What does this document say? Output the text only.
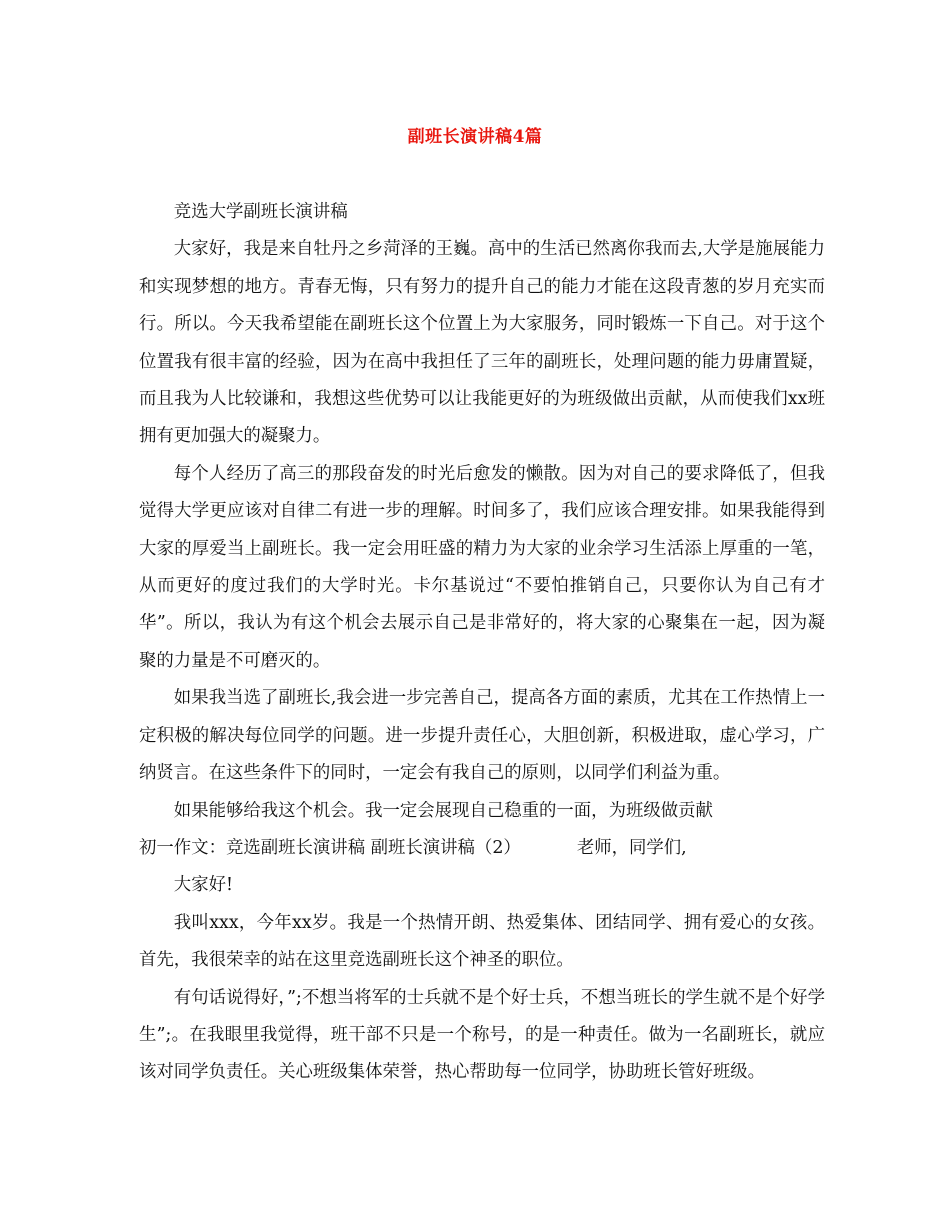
副班长演讲稿4篇

竞选大学副班长演讲稿

大家好，我是来自牡丹之乡菏泽的王巍。高中的生活已然离你我而去,大学是施展能力和实现梦想的地方。青春无悔，只有努力的提升自己的能力才能在这段青葱的岁月充实而行。所以。今天我希望能在副班长这个位置上为大家服务，同时锻炼一下自己。对于这个位置我有很丰富的经验，因为在高中我担任了三年的副班长，处理问题的能力毋庸置疑，而且我为人比较谦和，我想这些优势可以让我能更好的为班级做出贡献，从而使我们xx班拥有更加强大的凝聚力。

每个人经历了高三的那段奋发的时光后愈发的懒散。因为对自己的要求降低了，但我觉得大学更应该对自律二有进一步的理解。时间多了，我们应该合理安排。如果我能得到大家的厚爱当上副班长。我一定会用旺盛的精力为大家的业余学习生活添上厚重的一笔，从而更好的度过我们的大学时光。卡尔基说过“不要怕推销自己，只要你认为自己有才华”。所以，我认为有这个机会去展示自己是非常好的，将大家的心聚集在一起，因为凝聚的力量是不可磨灭的。

如果我当选了副班长,我会进一步完善自己，提高各方面的素质，尤其在工作热情上一定积极的解决每位同学的问题。进一步提升责任心，大胆创新，积极进取，虚心学习，广纳贤言。在这些条件下的同时，一定会有我自己的原则，以同学们利益为重。

如果能够给我这个机会。我一定会展现自己稳重的一面，为班级做贡献

初一作文：竞选副班长演讲稿 副班长演讲稿（2）	老师，同学们,

大家好!

我叫xxx，今年xx岁。我是一个热情开朗、热爱集体、团结同学、拥有爱心的女孩。首先，我很荣幸的站在这里竞选副班长这个神圣的职位。

有句话说得好，”;不想当将军的士兵就不是个好士兵，不想当班长的学生就不是个好学生”;。在我眼里我觉得，班干部不只是一个称号，的是一种责任。做为一名副班长，就应该对同学负责任。关心班级集体荣誉，热心帮助每一位同学，协助班长管好班级。
